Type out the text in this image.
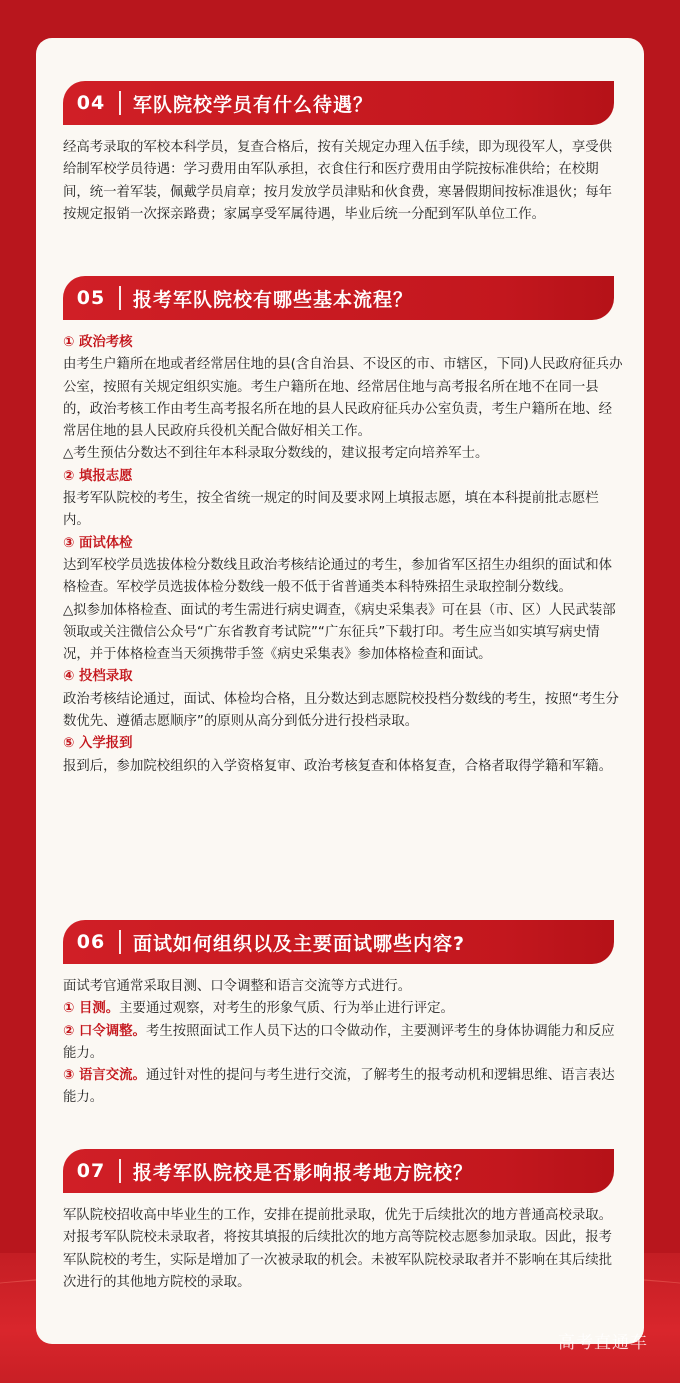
04	军队院校学员有什么待遇？

经高考录取的军校本科学员，复查合格后，按有关规定办理入伍手续，即为现役军人，享受供给制军校学员待遇：学习费用由军队承担，衣食住行和医疗费用由学院按标准供给；在校期间，统一着军装，佩戴学员肩章；按月发放学员津贴和伙食费，寒暑假期间按标准退伙；每年按规定报销一次探亲路费；家属享受军属待遇，毕业后统一分配到军队单位工作。

05	报考军队院校有哪些基本流程？

① 政治考核

由考生户籍所在地或者经常居住地的县(含自治县、不设区的市、市辖区，下同)人民政府征兵办公室，按照有关规定组织实施。考生户籍所在地、经常居住地与高考报名所在地不在同一县的，政治考核工作由考生高考报名所在地的县人民政府征兵办公室负责，考生户籍所在地、经常居住地的县人民政府兵役机关配合做好相关工作。

△考生预估分数达不到往年本科录取分数线的，建议报考定向培养军士。

② 填报志愿

报考军队院校的考生，按全省统一规定的时间及要求网上填报志愿，填在本科提前批志愿栏内。

③ 面试体检

达到军校学员选拔体检分数线且政治考核结论通过的考生，参加省军区招生办组织的面试和体格检查。军校学员选拔体检分数线一般不低于省普通类本科特殊招生录取控制分数线。

△拟参加体格检查、面试的考生需进行病史调查，《病史采集表》可在县（市、区）人民武装部领取或关注微信公众号“广东省教育考试院”“广东征兵”下载打印。考生应当如实填写病史情况，并于体格检查当天须携带手签《病史采集表》参加体格检查和面试。

④ 投档录取

政治考核结论通过，面试、体检均合格，且分数达到志愿院校投档分数线的考生，按照“考生分数优先、遵循志愿顺序”的原则从高分到低分进行投档录取。

⑤ 入学报到

报到后，参加院校组织的入学资格复审、政治考核复查和体格复查，合格者取得学籍和军籍。

06	面试如何组织以及主要面试哪些内容?

面试考官通常采取目测、口令调整和语言交流等方式进行。

① 目测。主要通过观察，对考生的形象气质、行为举止进行评定。

② 口令调整。考生按照面试工作人员下达的口令做动作，主要测评考生的身体协调能力和反应能力。

③ 语言交流。通过针对性的提问与考生进行交流，了解考生的报考动机和逻辑思维、语言表达能力。

07	报考军队院校是否影响报考地方院校？

军队院校招收高中毕业生的工作，安排在提前批录取，优先于后续批次的地方普通高校录取。对报考军队院校未录取者，将按其填报的后续批次的地方高等院校志愿参加录取。因此，报考军队院校的考生，实际是增加了一次被录取的机会。未被军队院校录取者并不影响在其后续批次进行的其他地方院校的录取。

高考直通车
